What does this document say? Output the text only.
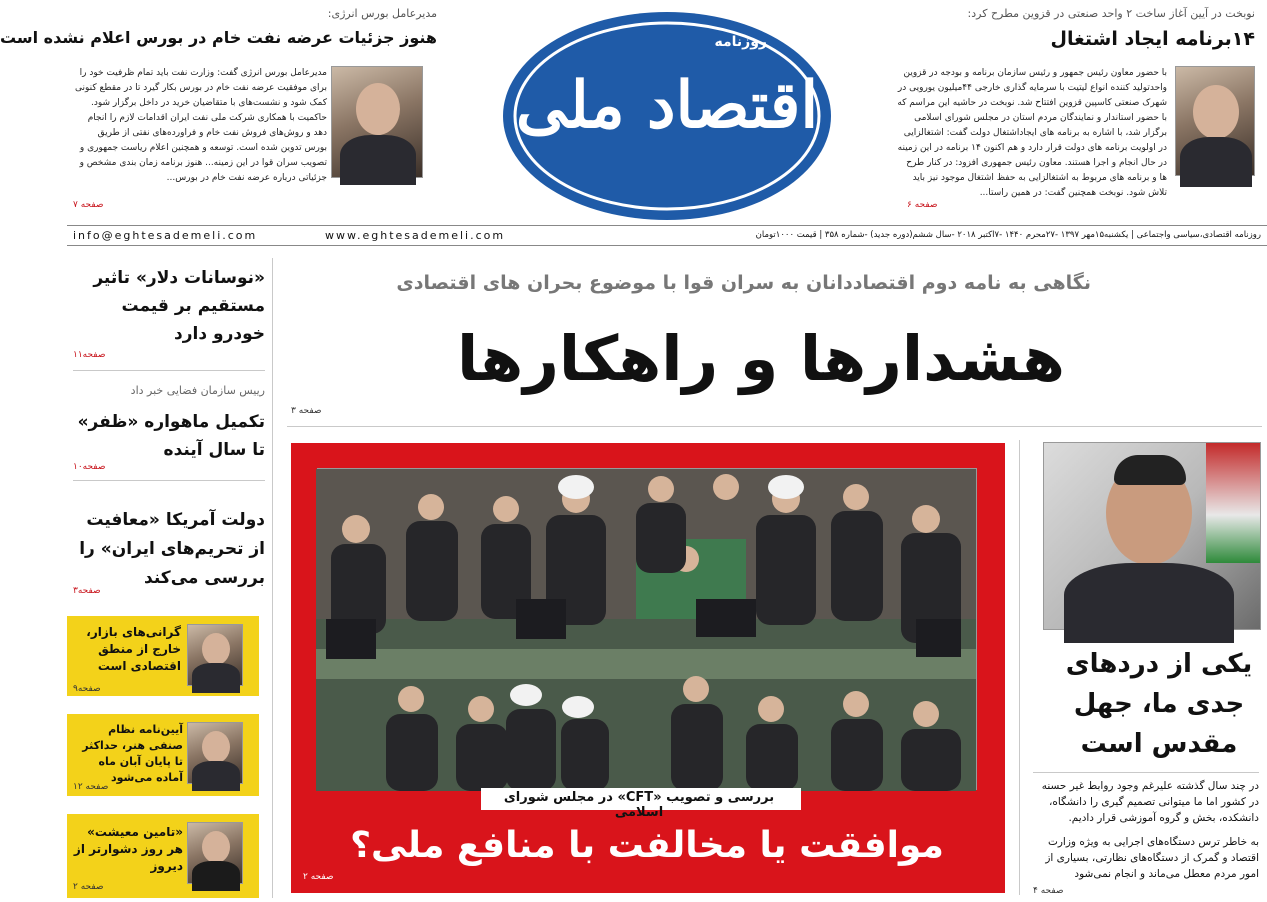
روزنامه
اقتصاد ملی
نوبخت در آیین آغاز ساخت ۲ واحد صنعتی در قزوین مطرح کرد:
۱۴برنامه ایجاد اشتغال
با حضور معاون رئیس جمهور و رئیس سازمان برنامه و بودجه در قزوین واحدتولید کننده انواع لیتیت با سرمایه گذاری خارجی ۴۴میلیون یورویی در شهرک صنعتی کاسپین قزوین افتتاح شد. نوبخت در حاشیه این مراسم که با حضور استاندار و نمایندگان مردم استان در مجلس شورای اسلامی برگزار شد، با اشاره به برنامه های ایجاداشتغال دولت گفت: اشتغالزایی در اولویت برنامه های دولت قرار دارد و هم اکنون ۱۴ برنامه در این زمینه در حال انجام و اجرا هستند. معاون رئیس جمهوری افزود: در کنار طرح ها و برنامه های مربوط به اشتغالزایی به حفظ اشتغال موجود نیز باید تلاش شود. نوبخت همچنین گفت: در همین راستا...
صفحه ۶
مدیرعامل بورس انرژی:
هنوز جزئیات عرضه نفت خام در بورس اعلام نشده است
مدیرعامل بورس انرژی گفت: وزارت نفت باید تمام ظرفیت خود را برای موفقیت عرضه نفت خام در بورس بکار گیرد تا در مقطع کنونی کمک شود و نشست‌های با متقاضیان خرید در داخل برگزار شود. حاکمیت با همکاری شرکت ملی نفت ایران اقدامات لازم را انجام دهد و روش‌های فروش نفت خام و فراورده‌های نفتی از طریق بورس تدوین شده است. توسعه و همچنین اعلام ریاست جمهوری و تصویب سران قوا در این زمینه... هنوز برنامه زمان بندی مشخص و جزئیاتی درباره عرضه نفت خام در بورس...
صفحه ۷
info@eghtesademeli.com	www.eghtesademeli.com	روزنامه اقتصادی،سیاسی واجتماعی | یکشنبه۱۵مهر ۱۳۹۷ -۲۷محرم ۱۴۴۰ -۷اکتبر ۲۰۱۸ -سال ششم(دوره جدید) -شماره ۳۵۸ | قیمت ۱۰۰۰تومان
«نوسانات دلار» تاثیر مستقیم بر قیمت خودرو دارد
صفحه۱۱
رییس سازمان فضایی خبر داد
تکمیل ماهواره «ظفر» تا سال آینده
صفحه۱۰
دولت آمریکا «معافیت از تحریم‌های ایران» را بررسی می‌کند
صفحه۳
گرانی‌های بازار، خارج از منطق اقتصادی است
صفحه۹
آیین‌نامه نظام صنفی هنر، حداکثر تا پایان آبان ماه آماده می‌شود
صفحه ۱۲
«تامین معیشت» هر روز دشوارتر از دیروز
صفحه ۲
نگاهی به نامه دوم اقتصاددانان به سران قوا با موضوع بحران های اقتصادی
هشدارها و راهکارها
صفحه ۳
بررسی و تصویب «CFT» در مجلس شورای اسلامی
موافقت یا مخالفت با منافع ملی؟
صفحه ۲
یکی از دردهای جدی ما، جهل مقدس است
در چند سال گذشته علیرغم وجود روابط غیر حسنه در کشور اما ما میتوانی تصمیم گیری را دانشگاه، دانشکده، بخش و گروه آموزشی قرار دادیم.
به خاطر ترس دستگاه‌های اجرایی به ویژه وزارت اقتصاد و گمرک از دستگاه‌های نظارتی، بسیاری از امور مردم معطل می‌ماند و انجام نمی‌شود
صفحه ۴
